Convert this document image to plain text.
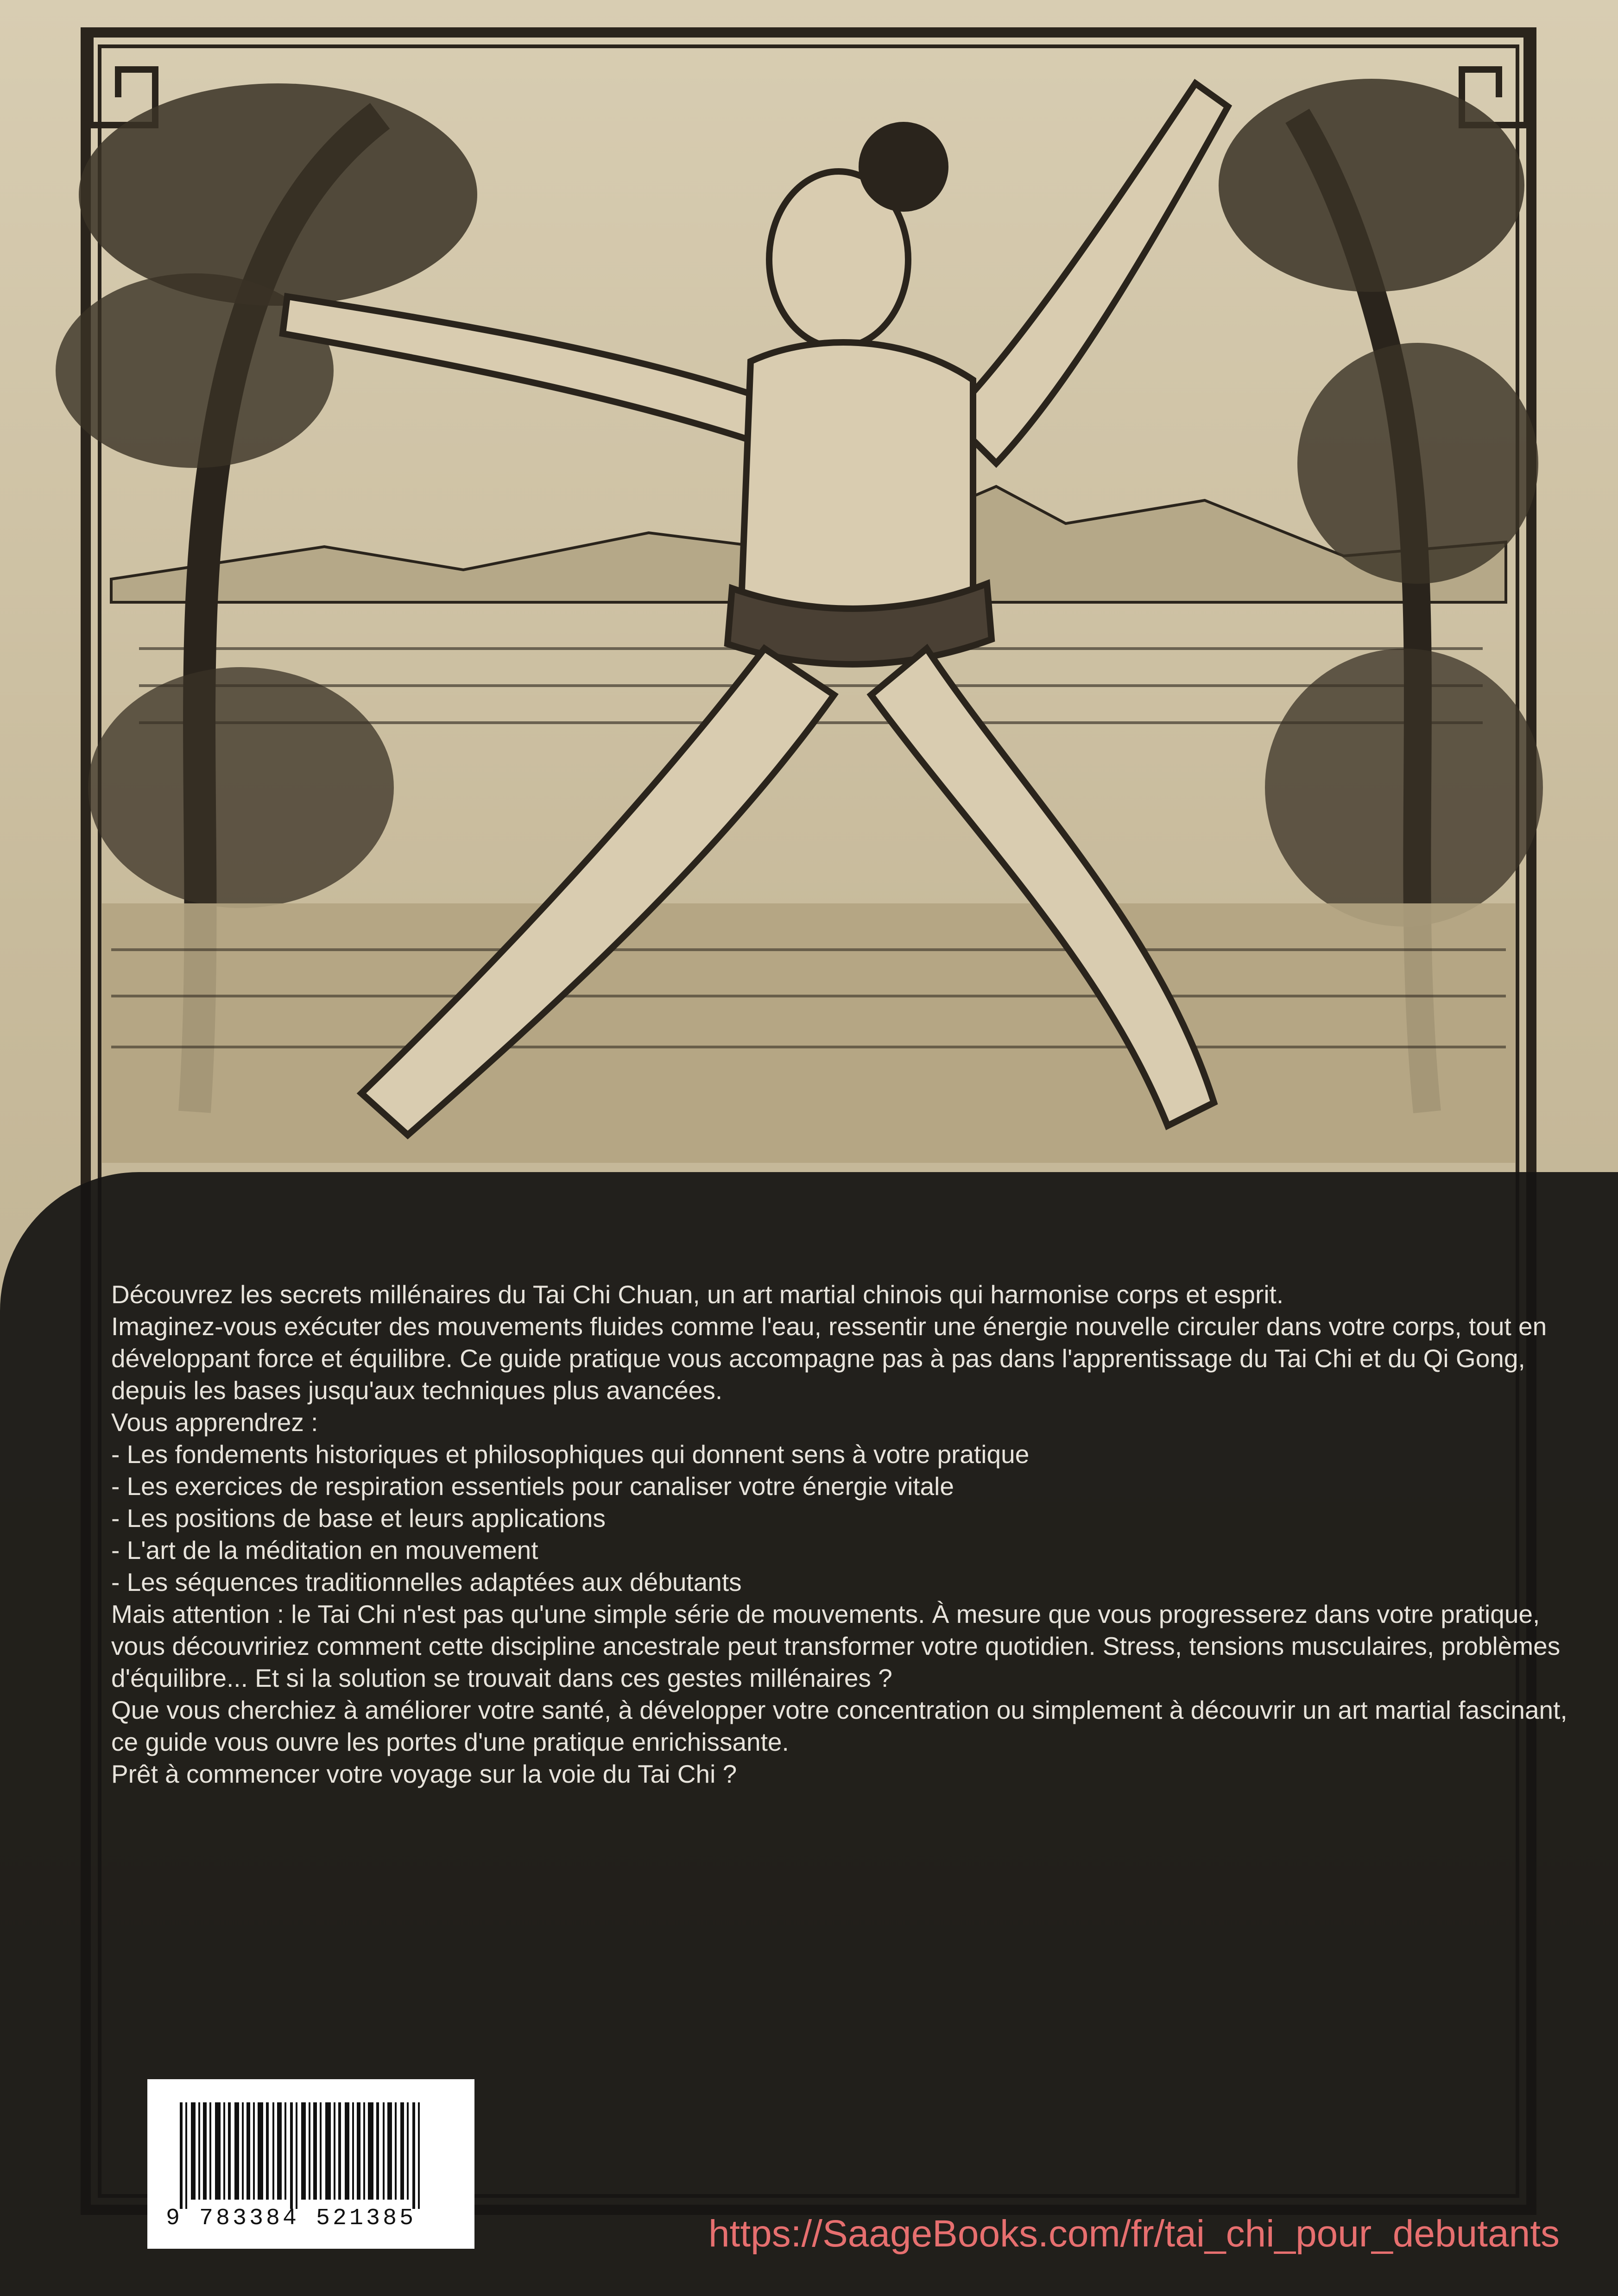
Découvrez les secrets millénaires du Tai Chi Chuan, un art martial chinois qui harmonise corps et esprit.

Imaginez-vous exécuter des mouvements fluides comme l'eau, ressentir une énergie nouvelle circuler dans votre corps, tout en développant force et équilibre. Ce guide pratique vous accompagne pas à pas dans l'apprentissage du Tai Chi et du Qi Gong, depuis les bases jusqu'aux techniques plus avancées.

Vous apprendrez :

- Les fondements historiques et philosophiques qui donnent sens à votre pratique

- Les exercices de respiration essentiels pour canaliser votre énergie vitale

- Les positions de base et leurs applications

- L'art de la méditation en mouvement

- Les séquences traditionnelles adaptées aux débutants

Mais attention : le Tai Chi n'est pas qu'une simple série de mouvements. À mesure que vous progresserez dans votre pratique, vous découvririez comment cette discipline ancestrale peut transformer votre quotidien. Stress, tensions musculaires, problèmes d'équilibre... Et si la solution se trouvait dans ces gestes millénaires ?

Que vous cherchiez à améliorer votre santé, à développer votre concentration ou simplement à découvrir un art martial fascinant, ce guide vous ouvre les portes d'une pratique enrichissante.

Prêt à commencer votre voyage sur la voie du Tai Chi ?

9 783384 521385	https://SaageBooks.com/fr/tai_chi_pour_debutants
